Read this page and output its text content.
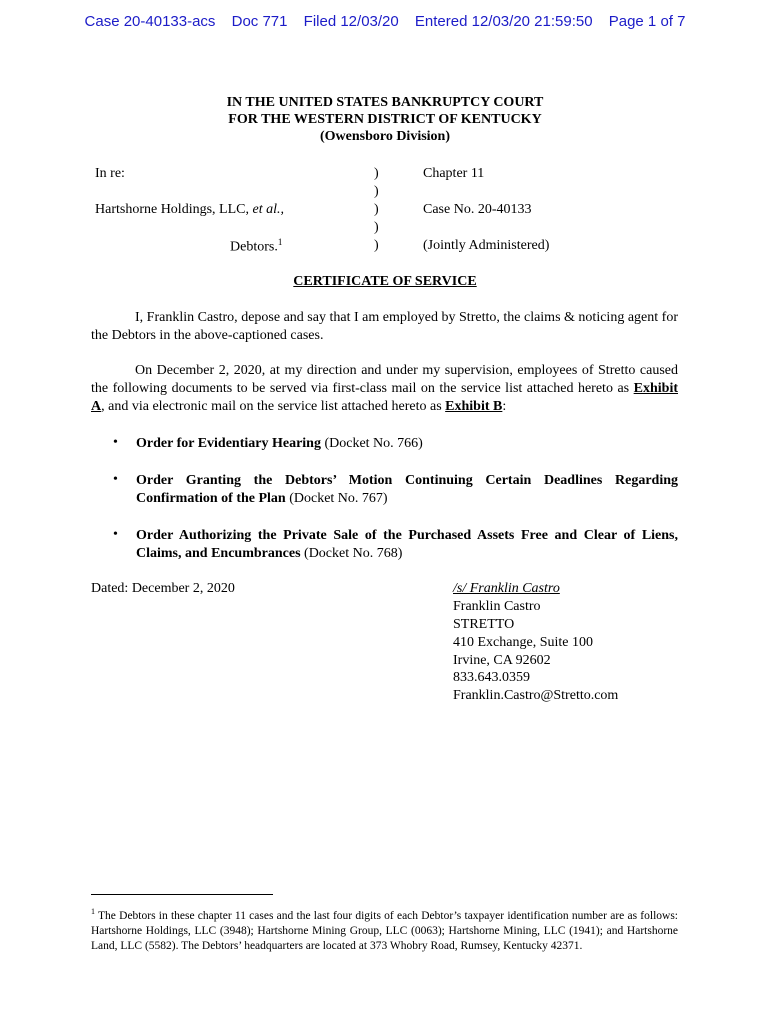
Case 20-40133-acs Doc 771 Filed 12/03/20 Entered 12/03/20 21:59:50 Page 1 of 7
IN THE UNITED STATES BANKRUPTCY COURT
FOR THE WESTERN DISTRICT OF KENTUCKY
(Owensboro Division)
In re:
Hartshorne Holdings, LLC, et al.,
Debtors.$^1$
)
)
)
)
)
Chapter 11
Case No. 20-40133
(Jointly Administered)
CERTIFICATE OF SERVICE
I, Franklin Castro, depose and say that I am employed by Stretto, the claims & noticing agent for the Debtors in the above-captioned cases.
On December 2, 2020, at my direction and under my supervision, employees of Stretto caused the following documents to be served via first-class mail on the service list attached hereto as Exhibit A, and via electronic mail on the service list attached hereto as Exhibit B:
• Order for Evidentiary Hearing (Docket No. 766)
• Order Granting the Debtors’ Motion Continuing Certain Deadlines Regarding Confirmation of the Plan (Docket No. 767)
• Order Authorizing the Private Sale of the Purchased Assets Free and Clear of Liens, Claims, and Encumbrances (Docket No. 768)
Dated: December 2, 2020	/s/ Franklin Castro
Franklin Castro
STRETTO
410 Exchange, Suite 100
Irvine, CA 92602
833.643.0359
Franklin.Castro@Stretto.com
$^1$ The Debtors in these chapter 11 cases and the last four digits of each Debtor’s taxpayer identification number are as follows: Hartshorne Holdings, LLC (3948); Hartshorne Mining Group, LLC (0063); Hartshorne Mining, LLC (1941); and Hartshorne Land, LLC (5582). The Debtors’ headquarters are located at 373 Whobry Road, Rumsey, Kentucky 42371.
